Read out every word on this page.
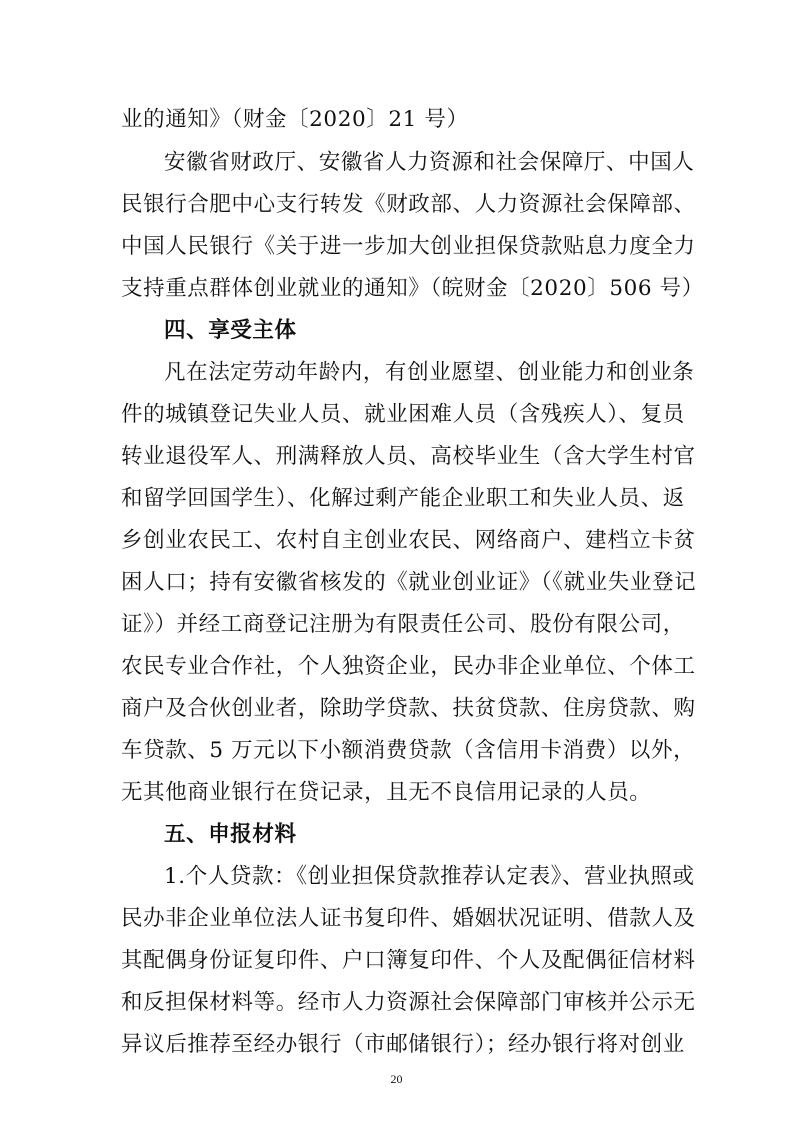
业的通知》（财金〔2020〕21 号）
安徽省财政厅、安徽省人力资源和社会保障厅、中国人
民银行合肥中心支行转发《财政部、人力资源社会保障部、
中国人民银行《关于进一步加大创业担保贷款贴息力度全力
支持重点群体创业就业的通知》（皖财金〔2020〕506 号）
四、享受主体
凡在法定劳动年龄内，有创业愿望、创业能力和创业条
件的城镇登记失业人员、就业困难人员（含残疾人）、复员
转业退役军人、刑满释放人员、高校毕业生（含大学生村官
和留学回国学生）、化解过剩产能企业职工和失业人员、返
乡创业农民工、农村自主创业农民、网络商户、建档立卡贫
困人口；持有安徽省核发的《就业创业证》（《就业失业登记
证》）并经工商登记注册为有限责任公司、股份有限公司，
农民专业合作社，个人独资企业，民办非企业单位、个体工
商户及合伙创业者，除助学贷款、扶贫贷款、住房贷款、购
车贷款、5 万元以下小额消费贷款（含信用卡消费）以外，
无其他商业银行在贷记录，且无不良信用记录的人员。
五、申报材料
1.个人贷款：《创业担保贷款推荐认定表》、营业执照或
民办非企业单位法人证书复印件、婚姻状况证明、借款人及
其配偶身份证复印件、户口簿复印件、个人及配偶征信材料
和反担保材料等。经市人力资源社会保障部门审核并公示无
异议后推荐至经办银行（市邮储银行）；经办银行将对创业
20
